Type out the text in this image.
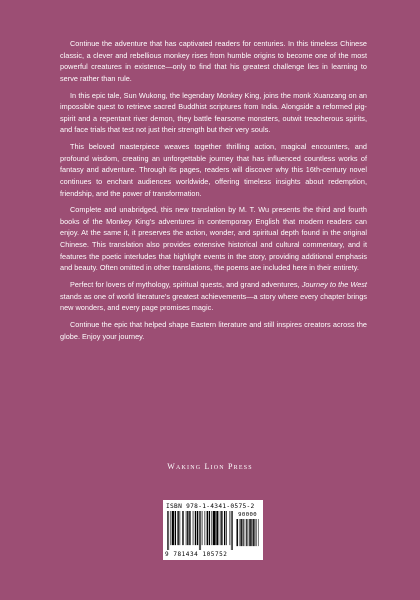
Continue the adventure that has captivated readers for centuries. In this timeless Chinese classic, a clever and rebellious monkey rises from humble origins to become one of the most powerful creatures in existence—only to find that his greatest challenge lies in learning to serve rather than rule.

In this epic tale, Sun Wukong, the legendary Monkey King, joins the monk Xuanzang on an impossible quest to retrieve sacred Buddhist scriptures from India. Alongside a reformed pig-spirit and a repentant river demon, they battle fearsome monsters, outwit treacherous spirits, and face trials that test not just their strength but their very souls.

This beloved masterpiece weaves together thrilling action, magical encounters, and profound wisdom, creating an unforgettable journey that has influenced countless works of fantasy and adventure. Through its pages, readers will discover why this 16th-century novel continues to enchant audiences worldwide, offering timeless insights about redemption, friendship, and the power of transformation.

Complete and unabridged, this new translation by M. T. Wu presents the third and fourth books of the Monkey King's adventures in contemporary English that modern readers can enjoy. At the same it, it preserves the action, wonder, and spiritual depth found in the original Chinese. This translation also provides extensive historical and cultural commentary, and it features the poetic interludes that highlight events in the story, providing additional emphasis and beauty. Often omitted in other translations, the poems are included here in their entirety.

Perfect for lovers of mythology, spiritual quests, and grand adventures, Journey to the West stands as one of world literature's greatest achievements—a story where every chapter brings new wonders, and every page promises magic.

Continue the epic that helped shape Eastern literature and still inspires creators across the globe. Enjoy your journey.

Waking Lion Press
ISBN 978-1-4341-0575-2
90000
9 781434 105752
